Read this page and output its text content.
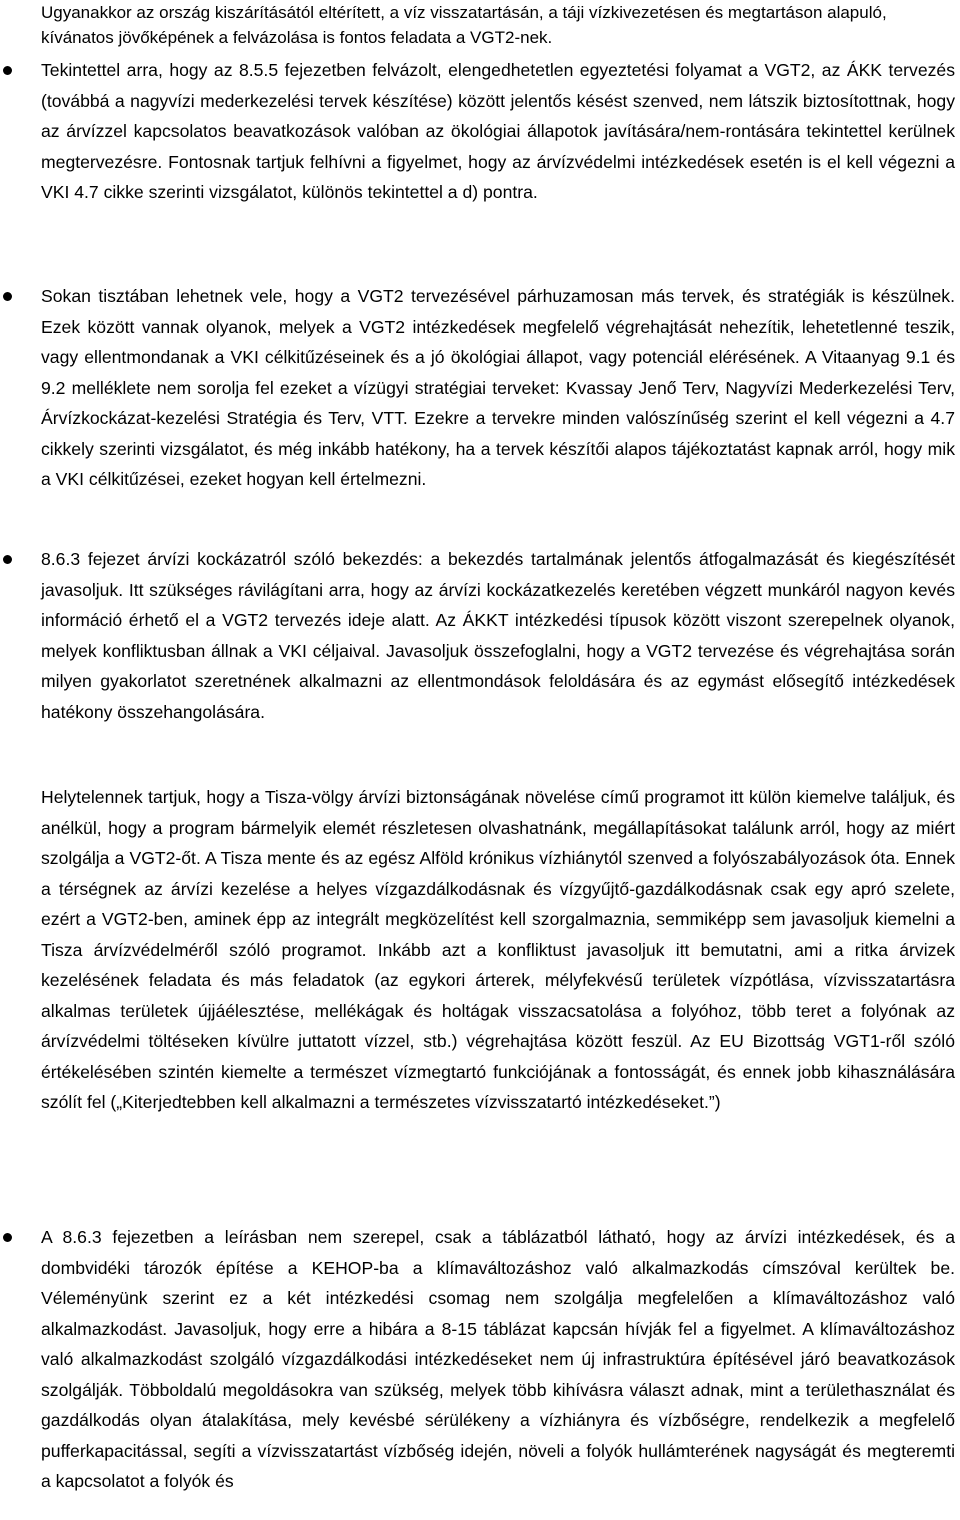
Ugyanakkor az ország kiszárításától eltérített, a víz visszatartásán, a táji vízkivezetésen és megtartáson alapuló, kívánatos jövőképének a felvázolása is fontos feladata a VGT2-nek.

Tekintettel arra, hogy az 8.5.5 fejezetben felvázolt, elengedhetetlen egyeztetési folyamat a VGT2, az ÁKK tervezés (továbbá a nagyvízi mederkezelési tervek készítése) között jelentős késést szenved, nem látszik biztosítottnak, hogy az árvízzel kapcsolatos beavatkozások valóban az ökológiai állapotok javítására/nem-rontására tekintettel kerülnek megtervezésre. Fontosnak tartjuk felhívni a figyelmet, hogy az árvízvédelmi intézkedések esetén is el kell végezni a VKI 4.7 cikke szerinti vizsgálatot, különös tekintettel a d) pontra.

Sokan tisztában lehetnek vele, hogy a VGT2 tervezésével párhuzamosan más tervek, és stratégiák is készülnek. Ezek között vannak olyanok, melyek a VGT2 intézkedések megfelelő végrehajtását nehezítik, lehetetlenné teszik, vagy ellentmondanak a VKI célkitűzéseinek és a jó ökológiai állapot, vagy potenciál elérésének. A Vitaanyag 9.1 és 9.2 melléklete nem sorolja fel ezeket a vízügyi stratégiai terveket: Kvassay Jenő Terv, Nagyvízi Mederkezelési Terv, Árvízkockázat-kezelési Stratégia és Terv, VTT. Ezekre a tervekre minden valószínűség szerint el kell végezni a 4.7 cikkely szerinti vizsgálatot, és még inkább hatékony, ha a tervek készítői alapos tájékoztatást kapnak arról, hogy mik a VKI célkitűzései, ezeket hogyan kell értelmezni.

8.6.3 fejezet árvízi kockázatról szóló bekezdés: a bekezdés tartalmának jelentős átfogalmazását és kiegészítését javasoljuk. Itt szükséges rávilágítani arra, hogy az árvízi kockázatkezelés keretében végzett munkáról nagyon kevés információ érhető el a VGT2 tervezés ideje alatt. Az ÁKKT intézkedési típusok között viszont szerepelnek olyanok, melyek konfliktusban állnak a VKI céljaival. Javasoljuk összefoglalni, hogy a VGT2 tervezése és végrehajtása során milyen gyakorlatot szeretnének alkalmazni az ellentmondások feloldására és az egymást elősegítő intézkedések hatékony összehangolására.

Helytelennek tartjuk, hogy a Tisza-völgy árvízi biztonságának növelése című programot itt külön kiemelve találjuk, és anélkül, hogy a program bármelyik elemét részletesen olvashatnánk, megállapításokat találunk arról, hogy az miért szolgálja a VGT2-őt. A Tisza mente és az egész Alföld krónikus vízhiánytól szenved a folyószabályozások óta. Ennek a térségnek az árvízi kezelése a helyes vízgazdálkodásnak és vízgyűjtő-gazdálkodásnak csak egy apró szelete, ezért a VGT2-ben, aminek épp az integrált megközelítést kell szorgalmaznia, semmiképp sem javasoljuk kiemelni a Tisza árvízvédelméről szóló programot. Inkább azt a konfliktust javasoljuk itt bemutatni, ami a ritka árvizek kezelésének feladata és más feladatok (az egykori árterek, mélyfekvésű területek vízpótlása, vízvisszatartásra alkalmas területek újjáélesztése, mellékágak és holtágak visszacsatolása a folyóhoz, több teret a folyónak az árvízvédelmi töltéseken kívülre juttatott vízzel, stb.) végrehajtása között feszül. Az EU Bizottság VGT1-ről szóló értékelésében szintén kiemelte a természet vízmegtartó funkciójának a fontosságát, és ennek jobb kihasználására szólít fel („Kiterjedtebben kell alkalmazni a természetes vízvisszatartó intézkedéseket.”)

A 8.6.3 fejezetben a leírásban nem szerepel, csak a táblázatból látható, hogy az árvízi intézkedések, és a dombvidéki tározók építése a KEHOP-ba a klímaváltozáshoz való alkalmazkodás címszóval kerültek be. Véleményünk szerint ez a két intézkedési csomag nem szolgálja megfelelően a klímaváltozáshoz való alkalmazkodást. Javasoljuk, hogy erre a hibára a 8-15 táblázat kapcsán hívják fel a figyelmet. A klímaváltozáshoz való alkalmazkodást szolgáló vízgazdálkodási intézkedéseket nem új infrastruktúra építésével járó beavatkozások szolgálják. Többoldalú megoldásokra van szükség, melyek több kihívásra választ adnak, mint a területhasználat és gazdálkodás olyan átalakítása, mely kevésbé sérülékeny a vízhiányra és vízbőségre, rendelkezik a megfelelő pufferkapacitással, segíti a vízvisszatartást vízbőség idején, növeli a folyók hullámterének nagyságát és megteremti a kapcsolatot a folyók és
